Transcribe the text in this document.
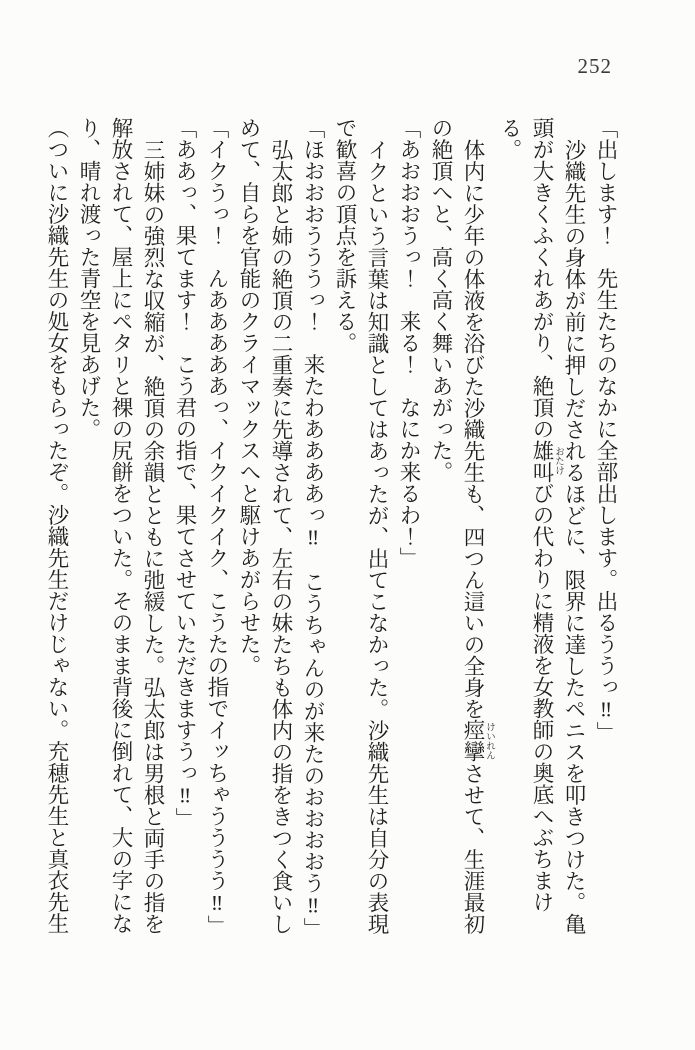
252

「出します！　先生たちのなかに全部出します。出るううっ‼」

沙織先生の身体が前に押しだされるほどに、限界に達したペニスを叩きつけた。亀頭が大きくふくれあがり、絶頂の雄叫 おたけびの代わりに精液を女教師の奥底へぶちまける。

体内に少年の体液を浴びた沙織先生も、四つん這いの全身を痙攣 けいれんさせて、生涯最初の絶頂へと、高く高く舞いあがった。

「あおおおうっ！　来る！　なにか来るわ！」

イクという言葉は知識としてはあったが、出てこなかった。沙織先生は自分の表現で歓喜の頂点を訴える。

「ほおおおうううっ！　来たわああああっ‼　こうちゃんのが来たのおおおおう‼」

弘太郎と姉の絶頂の二重奏に先導されて、左右の妹たちも体内の指をきつく食いしめて、自らを官能のクライマックスへと駆けあがらせた。

「イクうっ！　んあああああっ、イクイクイク、こうたの指でイッちゃうううう‼」

「ああっ、果てます！　こう君の指で、果てさせていただきますうっ‼」

三姉妹の強烈な収縮が、絶頂の余韻とともに弛緩した。弘太郎は男根と両手の指を解放されて、屋上にペタリと裸の尻餅をついた。そのまま背後に倒れて、大の字になり、晴れ渡った青空を見あげた。

（ついに沙織先生の処女をもらったぞ。沙織先生だけじゃない。充穂先生と真衣先生
